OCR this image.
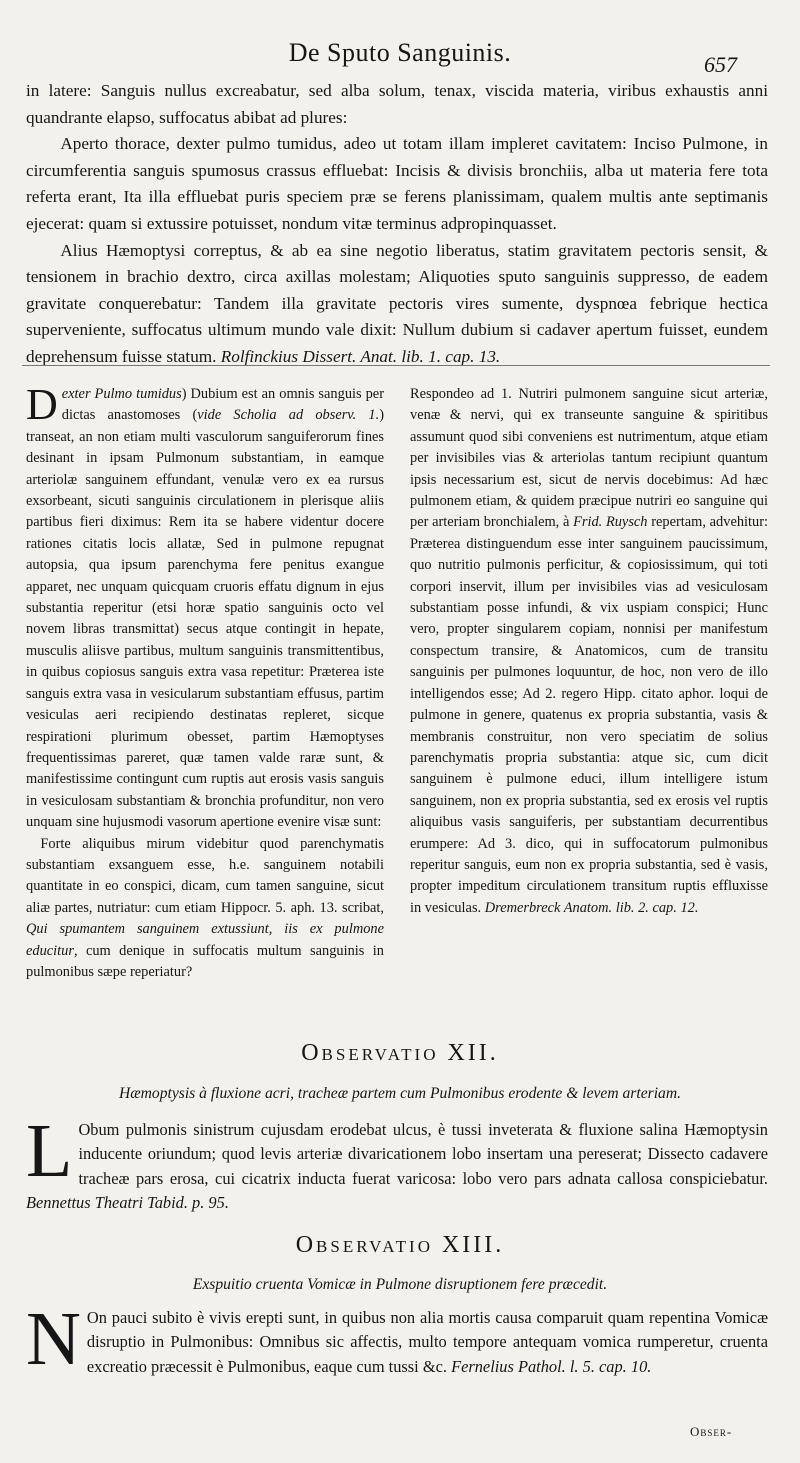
De Sputo Sanguinis.	657

in latere: Sanguis nullus excreabatur, sed alba solum, tenax, viscida materia, viribus exhaustis anni quandrante elapso, suffocatus abibat ad plures:

Aperto thorace, dexter pulmo tumidus, adeo ut totam illam impleret cavitatem: Inciso Pulmone, in circumferentia sanguis spumosus crassus effluebat: Incisis & divisis bronchiis, alba ut materia fere tota referta erant, Ita illa effluebat puris speciem præ se ferens planissimam, qualem multis ante septimanis ejecerat: quam si extussire potuisset, nondum vitæ terminus adpropinquasset.

Alius Hæmoptysi correptus, & ab ea sine negotio liberatus, statim gravitatem pectoris sensit, & tensionem in brachio dextro, circa axillas molestam; Aliquoties sputo sanguinis suppresso, de eadem gravitate conquerebatur: Tandem illa gravitate pectoris vires sumente, dyspnœa febrique hectica superveniente, suffocatus ultimum mundo vale dixit: Nullum dubium si cadaver apertum fuisset, eundem deprehensum fuisse statum. Rolfinckius Dissert. Anat. lib. 1. cap. 13.

Dexter Pulmo tumidus) Dubium est an omnis sanguis per dictas anastomoses (vide Scholia ad observ. 1.) transeat, an non etiam multi vasculorum sanguiferorum fines desinant in ipsam Pulmonum substantiam, in eamque arteriolæ sanguinem effundant, venulæ vero ex ea rursus exsorbeant, sicuti sanguinis circulationem in plerisque aliis partibus fieri diximus: Rem ita se habere videntur docere rationes citatis locis allatæ, Sed in pulmone repugnat autopsia, qua ipsum parenchyma fere penitus exangue apparet, nec unquam quicquam cruoris effatu dignum in ejus substantia reperitur (etsi horæ spatio sanguinis octo vel novem libras transmittat) secus atque contingit in hepate, musculis aliisve partibus, multum sanguinis transmittentibus, in quibus copiosus sanguis extra vasa repetitur: Præterea iste sanguis extra vasa in vesicularum substantiam effusus, partim vesiculas aeri recipiendo destinatas repleret, sicque respirationi plurimum obesset, partim Hæmoptyses frequentissimas pareret, quæ tamen valde raræ sunt, & manifestissime contingunt cum ruptis aut erosis vasis sanguis in vesiculosam substantiam & bronchia profunditur, non vero unquam sine hujusmodi vasorum apertione evenire visæ sunt:

Forte aliquibus mirum videbitur quod parenchymatis substantiam exsanguem esse, h.e. sanguinem notabili quantitate in eo conspici, dicam, cum tamen sanguine, sicut aliæ partes, nutriatur: cum etiam Hippocr. 5. aph. 13. scribat, Qui spumantem sanguinem extussiunt, iis ex pulmone educitur, cum denique in suffocatis multum sanguinis in pulmonibus sæpe reperiatur?

Respondeo ad 1. Nutriri pulmonem sanguine sicut arteriæ, venæ & nervi, qui ex transeunte sanguine & spiritibus assumunt quod sibi conveniens est nutrimentum, atque etiam per invisibiles vias & arteriolas tantum recipiunt quantum ipsis necessarium est, sicut de nervis docebimus: Ad hæc pulmonem etiam, & quidem præcipue nutriri eo sanguine qui per arteriam bronchialem, à Frid. Ruysch repertam, advehitur: Præterea distinguendum esse inter sanguinem paucissimum, quo nutritio pulmonis perficitur, & copiosissimum, qui toti corpori inservit, illum per invisibiles vias ad vesiculosam substantiam posse infundi, & vix uspiam conspici; Hunc vero, propter singularem copiam, nonnisi per manifestum conspectum transire, & Anatomicos, cum de transitu sanguinis per pulmones loquuntur, de hoc, non vero de illo intelligendos esse; Ad 2. regero Hipp. citato aphor. loqui de pulmone in genere, quatenus ex propria substantia, vasis & membranis construitur, non vero speciatim de solius parenchymatis propria substantia: atque sic, cum dicit sanguinem è pulmone educi, illum intelligere istum sanguinem, non ex propria substantia, sed ex erosis vel ruptis aliquibus vasis sanguiferis, per substantiam decurrentibus erumpere: Ad 3. dico, qui in suffocatorum pulmonibus reperitur sanguis, eum non ex propria substantia, sed è vasis, propter impeditum circulationem transitum ruptis effluxisse in vesiculas. Dremerbreck Anatom. lib. 2. cap. 12.

Observatio XII.
Hæmoptysis à fluxione acri, tracheæ partem cum Pulmonibus erodente & levem arteriam.

L Obum pulmonis sinistrum cujusdam erodebat ulcus, è tussi inveterata & fluxione salina Hæmoptysin inducente oriundum; quod levis arteriæ divaricationem lobo insertam una pereserat; Dissecto cadavere tracheæ pars erosa, cui cicatrix inducta fuerat varicosa: lobo vero pars adnata callosa conspiciebatur. Bennettus Theatri Tabid. p. 95.

Observatio XIII.
Exspuitio cruenta Vomicæ in Pulmone disruptionem fere præcedit.

N On pauci subito è vivis erepti sunt, in quibus non alia mortis causa comparuit quam repentina Vomicæ disruptio in Pulmonibus: Omnibus sic affectis, multo tempore antequam vomica rumperetur, cruenta excreatio præcessit è Pulmonibus, eaque cum tussi &c. Fernelius Pathol. l. 5. cap. 10.

Obser-
